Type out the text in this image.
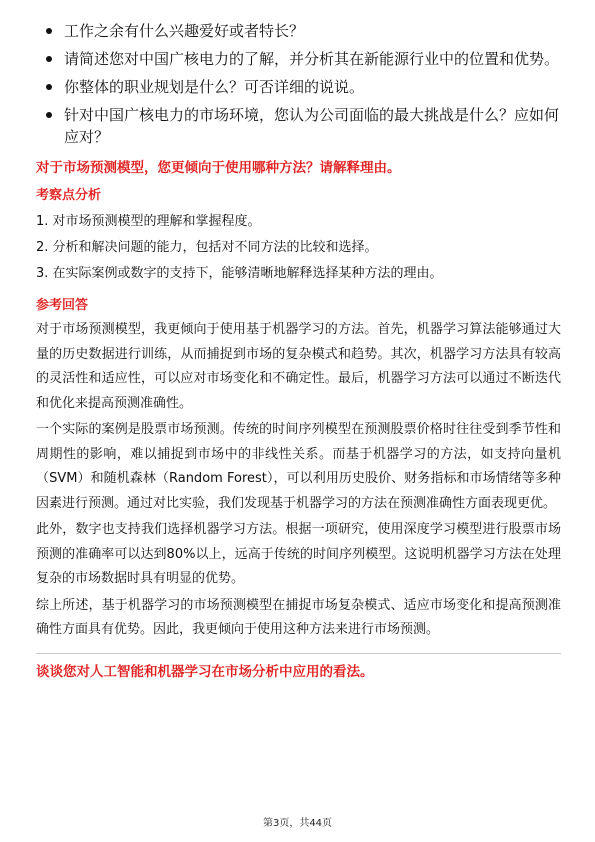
工作之余有什么兴趣爱好或者特长？
请简述您对中国广核电力的了解，并分析其在新能源行业中的位置和优势。
你整体的职业规划是什么？可否详细的说说。
针对中国广核电力的市场环境，您认为公司面临的最大挑战是什么？应如何应对？
对于市场预测模型，您更倾向于使用哪种方法？请解释理由。
考察点分析
1. 对市场预测模型的理解和掌握程度。
2. 分析和解决问题的能力，包括对不同方法的比较和选择。
3. 在实际案例或数字的支持下，能够清晰地解释选择某种方法的理由。
参考回答
对于市场预测模型，我更倾向于使用基于机器学习的方法。首先，机器学习算法能够通过大量的历史数据进行训练，从而捕捉到市场的复杂模式和趋势。其次，机器学习方法具有较高的灵活性和适应性，可以应对市场变化和不确定性。最后，机器学习方法可以通过不断迭代和优化来提高预测准确性。
一个实际的案例是股票市场预测。传统的时间序列模型在预测股票价格时往往受到季节性和周期性的影响，难以捕捉到市场中的非线性关系。而基于机器学习的方法，如支持向量机（SVM）和随机森林（Random Forest），可以利用历史股价、财务指标和市场情绪等多种因素进行预测。通过对比实验，我们发现基于机器学习的方法在预测准确性方面表现更优。
此外，数字也支持我们选择机器学习方法。根据一项研究，使用深度学习模型进行股票市场预测的准确率可以达到80%以上，远高于传统的时间序列模型。这说明机器学习方法在处理复杂的市场数据时具有明显的优势。
综上所述，基于机器学习的市场预测模型在捕捉市场复杂模式、适应市场变化和提高预测准确性方面具有优势。因此，我更倾向于使用这种方法来进行市场预测。
谈谈您对人工智能和机器学习在市场分析中应用的看法。
第3页，共44页
